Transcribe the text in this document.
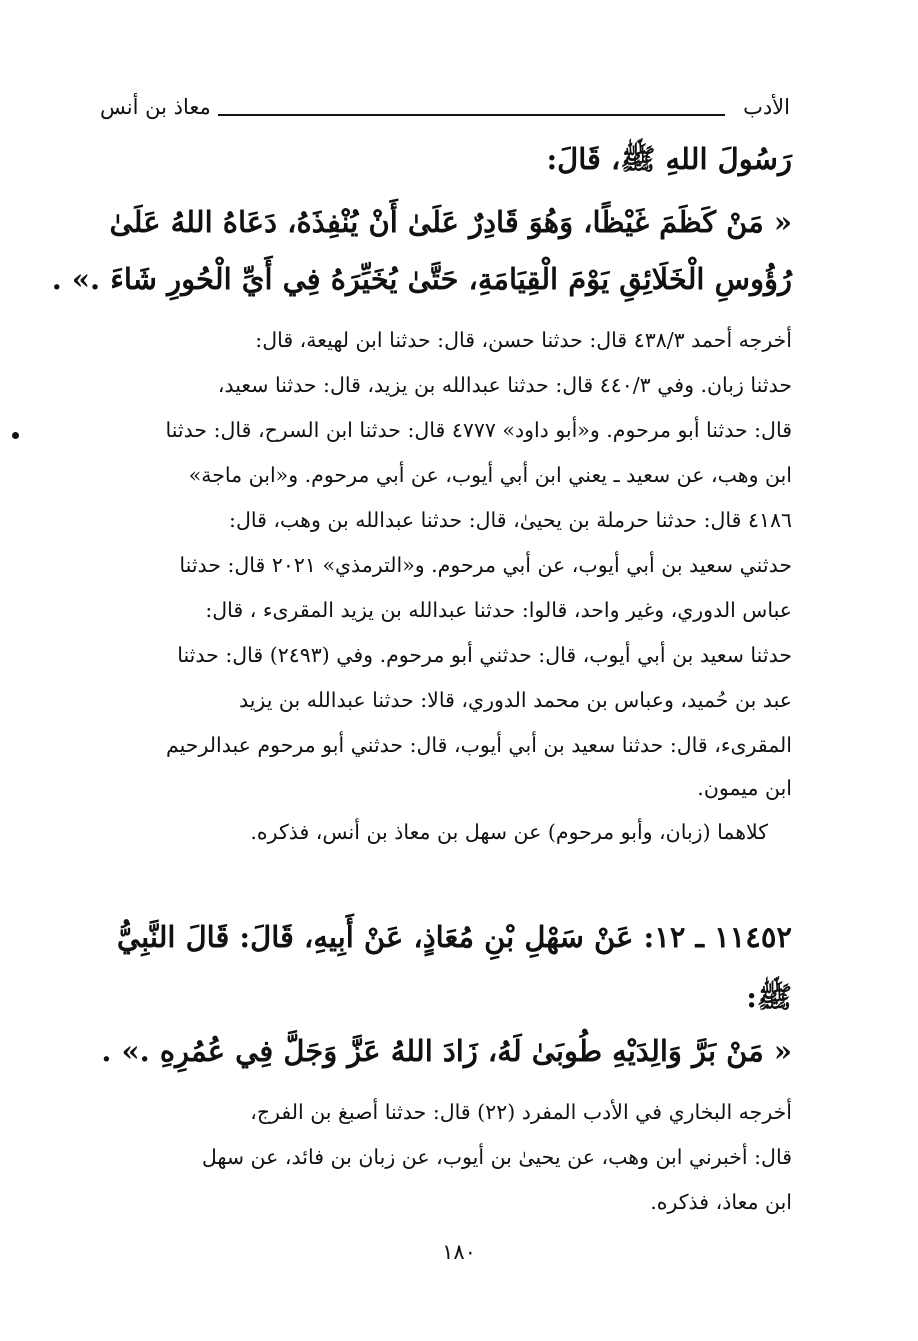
الأدب
معاذ بن أنس
رَسُولَ اللهِ ﷺ، قَالَ:
« مَنْ كَظَمَ غَيْظًا، وَهُوَ قَادِرٌ عَلَىٰ أَنْ يُنْفِذَهُ، دَعَاهُ اللهُ عَلَىٰ
رُؤُوسِ الْخَلَائِقِ يَوْمَ الْقِيَامَةِ، حَتَّىٰ يُخَيِّرَهُ فِي أَيِّ الْحُورِ شَاءَ .» .
أخرجه أحمد ٤٣٨/٣ قال: حدثنا حسن، قال: حدثنا ابن لهيعة، قال:
حدثنا زبان. وفي ٤٤٠/٣ قال: حدثنا عبدالله بن يزيد، قال: حدثنا سعيد،
قال: حدثنا أبو مرحوم. و«أبو داود» ٤٧٧٧ قال: حدثنا ابن السرح، قال: حدثنا
ابن وهب، عن سعيد ـ يعني ابن أبي أيوب، عن أبي مرحوم. و«ابن ماجة»
٤١٨٦ قال: حدثنا حرملة بن يحيىٰ، قال: حدثنا عبدالله بن وهب، قال:
حدثني سعيد بن أبي أيوب، عن أبي مرحوم. و«الترمذي» ٢٠٢١ قال: حدثنا
عباس الدوري، وغير واحد، قالوا: حدثنا عبدالله بن يزيد المقرىء ، قال:
حدثنا سعيد بن أبي أيوب، قال: حدثني أبو مرحوم. وفي (٢٤٩٣) قال: حدثنا
عبد بن حُميد، وعباس بن محمد الدوري، قالا: حدثنا عبدالله بن يزيد
المقرىء، قال: حدثنا سعيد بن أبي أيوب، قال: حدثني أبو مرحوم عبدالرحيم
ابن ميمون.
كلاهما (زبان، وأبو مرحوم) عن سهل بن معاذ بن أنس، فذكره.
١١٤٥٢ ـ ١٢: عَنْ سَهْلِ بْنِ مُعَاذٍ، عَنْ أَبِيهِ، قَالَ: قَالَ النَّبِيُّ
ﷺ:
« مَنْ بَرَّ وَالِدَيْهِ طُوبَىٰ لَهُ، زَادَ اللهُ عَزَّ وَجَلَّ فِي عُمُرِهِ .» .
أخرجه البخاري في الأدب المفرد (٢٢) قال: حدثنا أصبغ بن الفرج،
قال: أخبرني ابن وهب، عن يحيىٰ بن أيوب، عن زبان بن فائد، عن سهل
ابن معاذ، فذكره.
١٨٠
